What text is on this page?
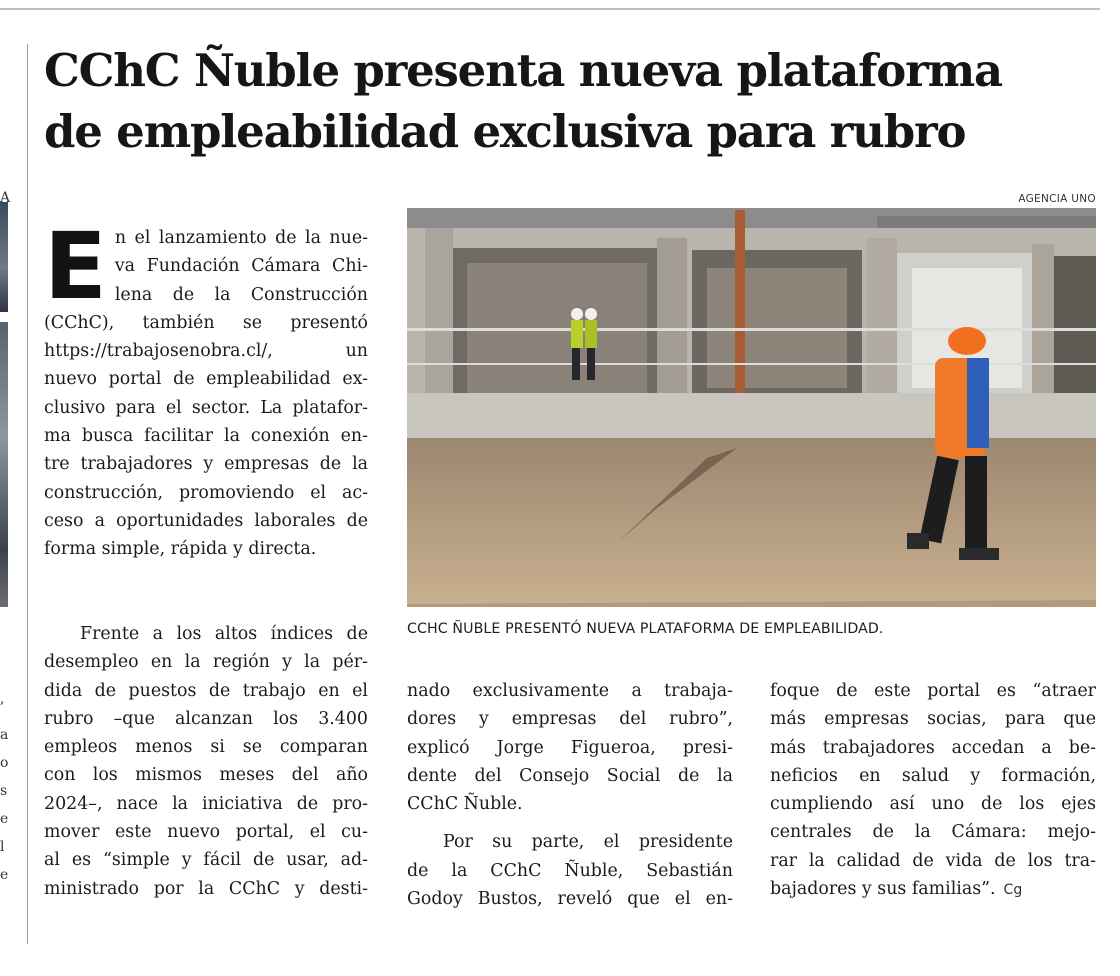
A
,
a
o
s
e
l
e
CChC Ñuble presenta nueva plataforma
de empleabilidad exclusiva para rubro
AGENCIA UNO
CCHC ÑUBLE PRESENTÓ NUEVA PLATAFORMA DE EMPLEABILIDAD.
E n el lanzamiento de la nue-
va Fundación Cámara Chi-
lena de la Construcción
(CChC), también se presentó
https://trabajosenobra.cl/, un
nuevo portal de empleabilidad ex-
clusivo para el sector. La platafor-
ma busca facilitar la conexión en-
tre trabajadores y empresas de la
construcción, promoviendo el ac-
ceso a oportunidades laborales de
forma simple, rápida y directa.
Frente a los altos índices de
desempleo en la región y la pér-
dida de puestos de trabajo en el
rubro –que alcanzan los 3.400
empleos menos si se comparan
con los mismos meses del año
2024–, nace la iniciativa de pro-
mover este nuevo portal, el cu-
al es “simple y fácil de usar, ad-
ministrado por la CChC y desti-
nado exclusivamente a trabaja-
dores y empresas del rubro”,
explicó Jorge Figueroa, presi-
dente del Consejo Social de la
CChC Ñuble.
Por su parte, el presidente
de la CChC Ñuble, Sebastián
Godoy Bustos, reveló que el en-
foque de este portal es “atraer
más empresas socias, para que
más trabajadores accedan a be-
neficios en salud y formación,
cumpliendo así uno de los ejes
centrales de la Cámara: mejo-
rar la calidad de vida de los tra-
bajadores y sus familias”. Cg
